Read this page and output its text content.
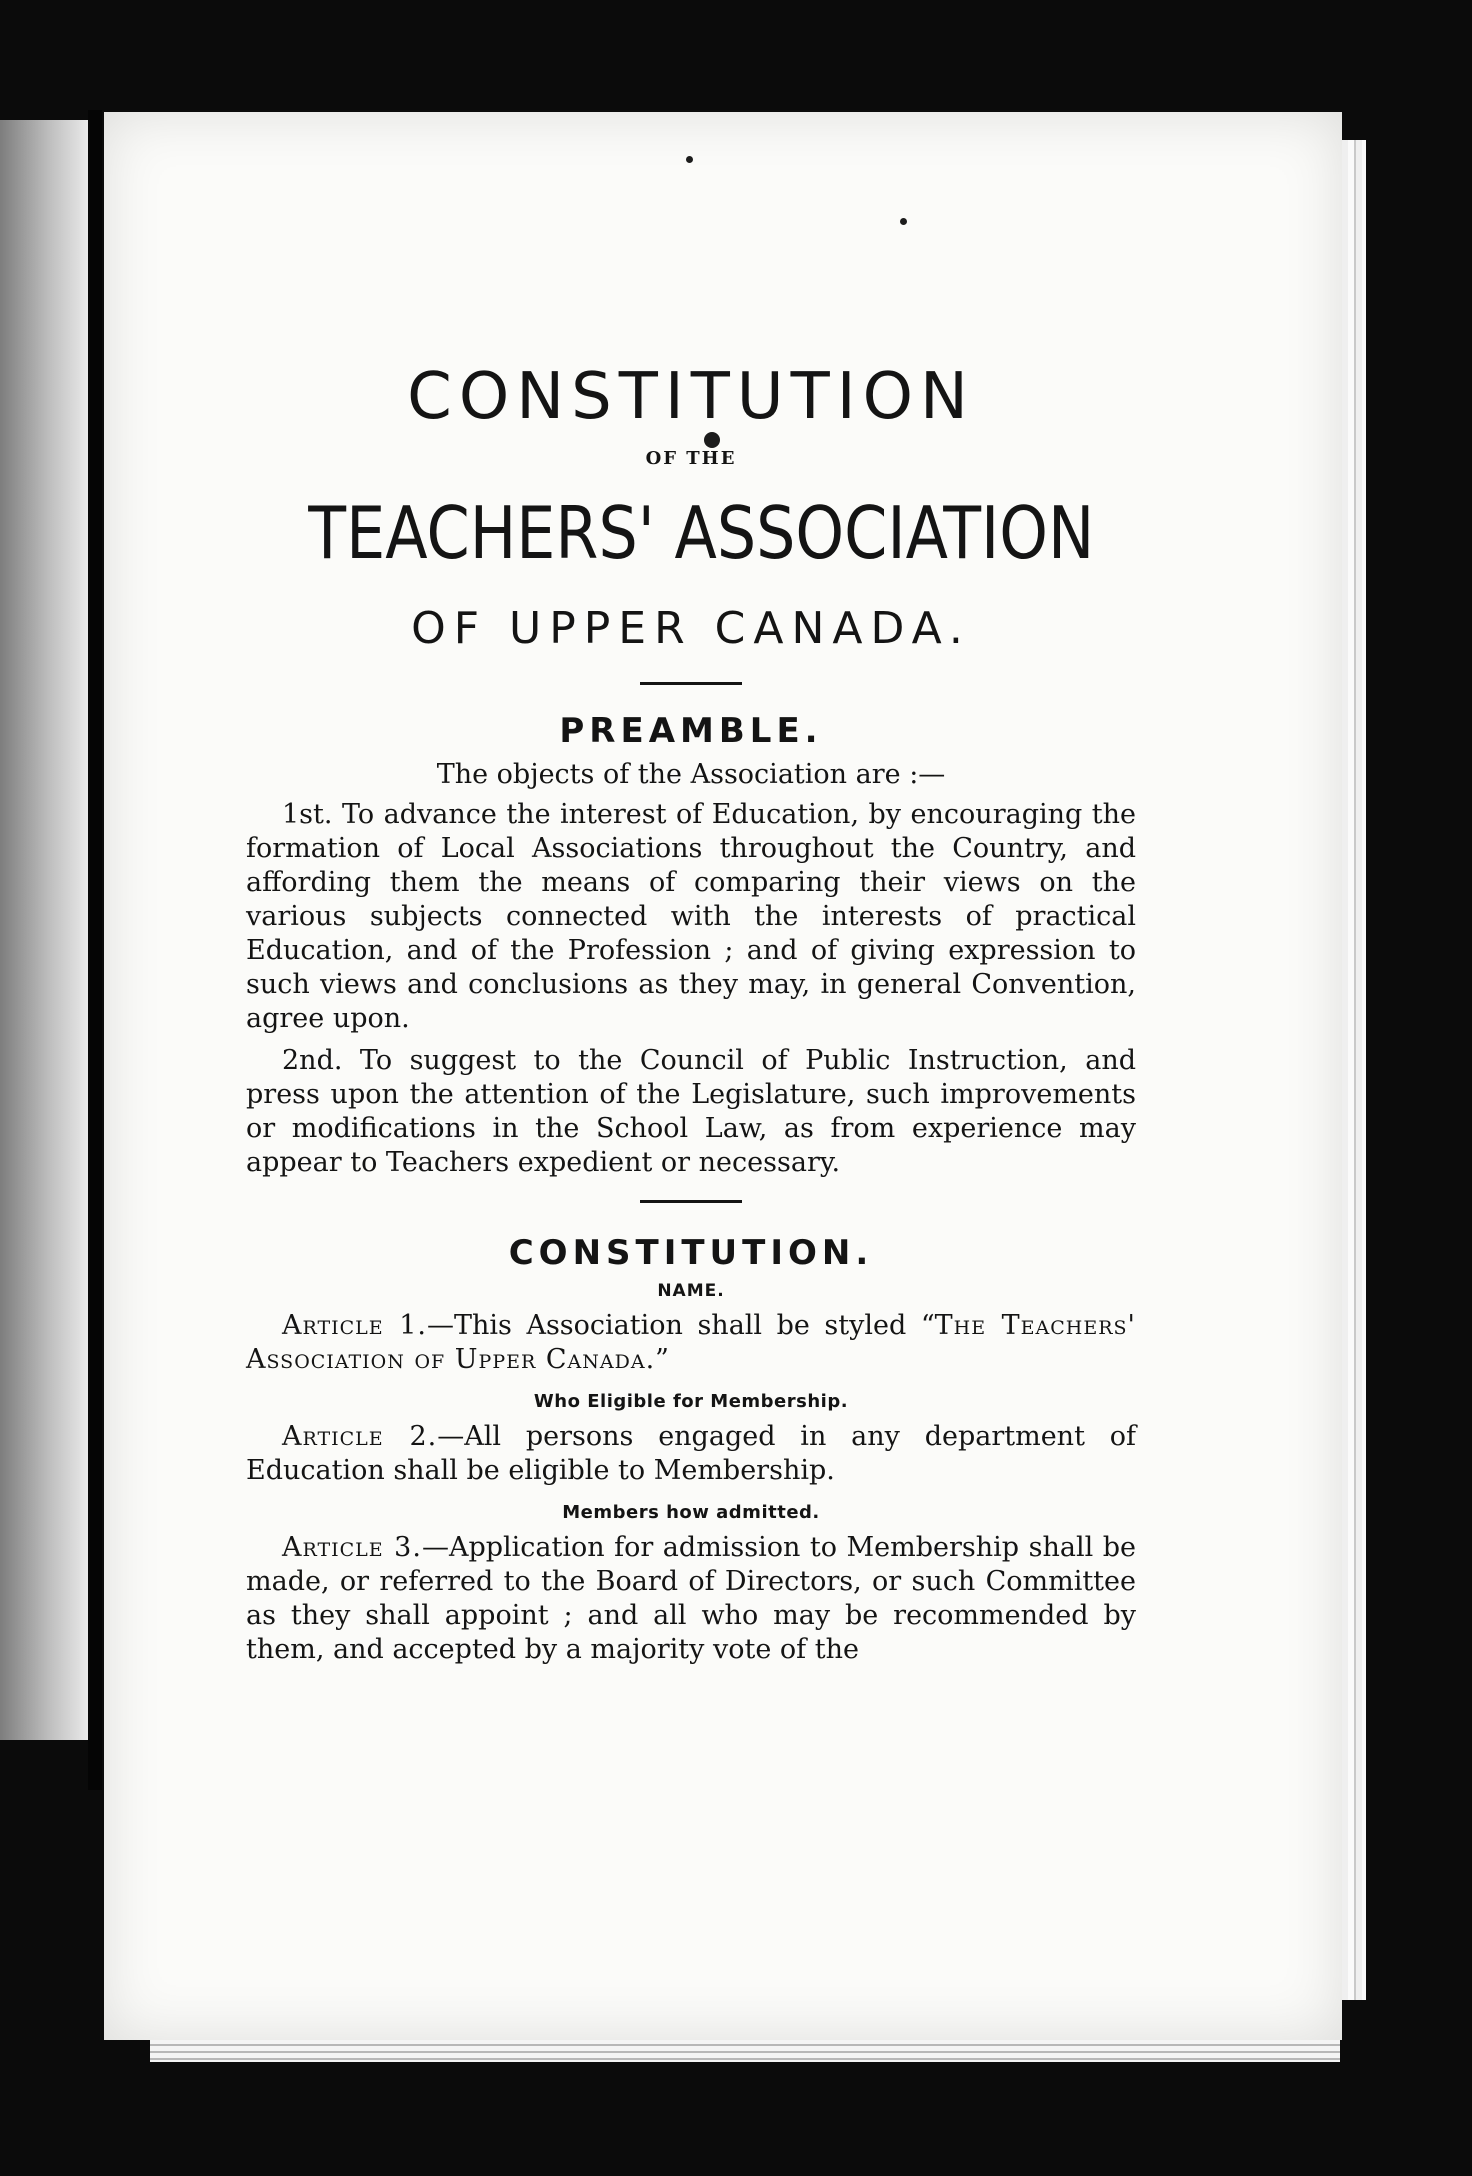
CONSTITUTION
OF THE
TEACHERS' ASSOCIATION
OF UPPER CANADA.
PREAMBLE.
The objects of the Association are :—

1st. To advance the interest of Education, by encouraging the formation of Local Associations throughout the Country, and affording them the means of comparing their views on the various subjects connected with the interests of practical Education, and of the Profession ; and of giving expression to such views and conclusions as they may, in general Convention, agree upon.

2nd. To suggest to the Council of Public Instruction, and press upon the attention of the Legislature, such improvements or modifications in the School Law, as from experience may appear to Teachers expedient or necessary.

CONSTITUTION.
NAME.

Article 1.—This Association shall be styled “The Teachers' Association of Upper Canada.”

Who Eligible for Membership.

Article 2.—All persons engaged in any department of Education shall be eligible to Membership.

Members how admitted.

Article 3.—Application for admission to Membership shall be made, or referred to the Board of Directors, or such Committee as they shall appoint ; and all who may be recommended by them, and accepted by a majority vote of the
